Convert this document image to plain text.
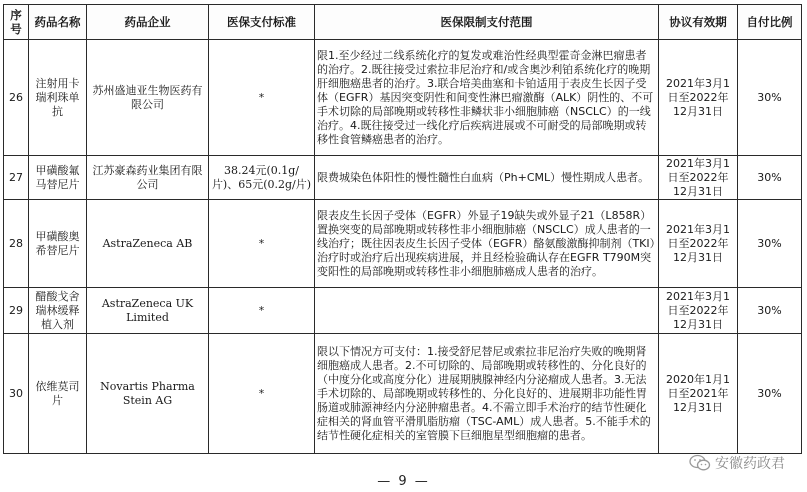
序号	药品名称	药品企业	医保支付标准	医保限制支付范围	协议有效期	自付比例
26	注射用卡瑞利珠单抗	苏州盛迪亚生物医药有限公司	*	限1.至少经过二线系统化疗的复发或难治性经典型霍奇金淋巴瘤患者的治疗。2.既往接受过索拉非尼治疗和/或含奥沙利铂系统化疗的晚期肝细胞癌患者的治疗。3.联合培美曲塞和卡铂适用于表皮生长因子受体（EGFR）基因突变阴性和间变性淋巴瘤激酶（ALK）阴性的、不可手术切除的局部晚期或转移性非鳞状非小细胞肺癌（NSCLC）的一线治疗。4.既往接受过一线化疗后疾病进展或不可耐受的局部晚期或转移性食管鳞癌患者的治疗。	2021年3月1日至2022年12月31日	30%
27	甲磺酸氟马替尼片	江苏豪森药业集团有限公司	38.24元(0.1g/片)、65元(0.2g/片)	限费城染色体阳性的慢性髓性白血病（Ph+CML）慢性期成人患者。	2021年3月1日至2022年12月31日	30%
28	甲磺酸奥希替尼片	AstraZeneca AB	*	限表皮生长因子受体（EGFR）外显子19缺失或外显子21（L858R）置换突变的局部晚期或转移性非小细胞肺癌（NSCLC）成人患者的一线治疗；既往因表皮生长因子受体（EGFR）酪氨酸激酶抑制剂（TKI）治疗时或治疗后出现疾病进展，并且经检验确认存在EGFR T790M突变阳性的局部晚期或转移性非小细胞肺癌成人患者的治疗。	2021年3月1日至2022年12月31日	30%
29	醋酸戈舍瑞林缓释植入剂	AstraZeneca UK Limited	*		2021年3月1日至2022年12月31日	30%
30	依维莫司片	Novartis Pharma Stein AG	*	限以下情况方可支付：1.接受舒尼替尼或索拉非尼治疗失败的晚期肾细胞癌成人患者。2.不可切除的、局部晚期或转移性的、分化良好的（中度分化或高度分化）进展期胰腺神经内分泌瘤成人患者。3.无法手术切除的、局部晚期或转移性的、分化良好的、进展期非功能性胃肠道或肺源神经内分泌肿瘤患者。4.不需立即手术治疗的结节性硬化症相关的肾血管平滑肌脂肪瘤（TSC-AML）成人患者。5.不能手术的结节性硬化症相关的室管膜下巨细胞星型细胞瘤的患者。	2020年1月1日至2021年12月31日	30%
安徽药政君
— 9 —
